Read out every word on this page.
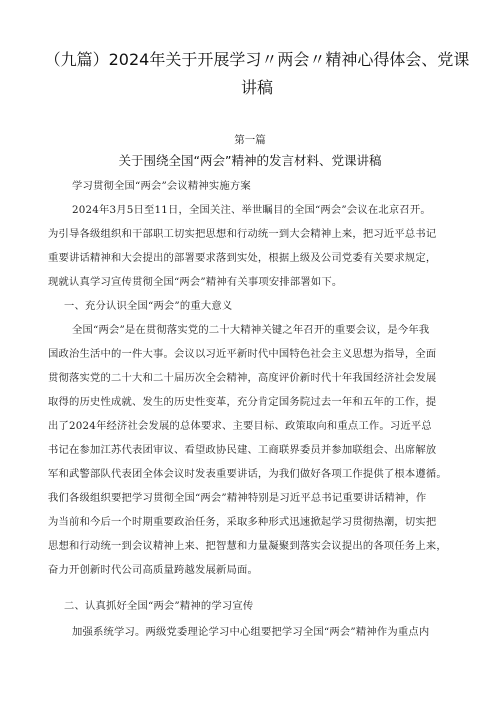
（九篇）2024年关于开展学习〃两会〃精神心得体会、党课讲稿
第一篇
关于围绕全国“两会”精神的发言材料、党课讲稿
学习贯彻全国“两会”会议精神实施方案
2024年3月5日至11日，全国关注、举世瞩目的全国“两会”会议在北京召开。
为引导各级组织和干部职工切实把思想和行动统一到大会精神上来，把习近平总书记
重要讲话精神和大会提出的部署要求落到实处，根据上级及公司党委有关要求规定，
现就认真学习宣传贯彻全国“两会”精神有关事项安排部署如下。
一、充分认识全国“两会”的重大意义
全国“两会”是在贯彻落实党的二十大精神关键之年召开的重要会议，是今年我
国政治生活中的一件大事。会议以习近平新时代中国特色社会主义思想为指导，全面
贯彻落实党的二十大和二十届历次全会精神，高度评价新时代十年我国经济社会发展
取得的历史性成就、发生的历史性变革，充分肯定国务院过去一年和五年的工作，提
出了2024年经济社会发展的总体要求、主要目标、政策取向和重点工作。习近平总
书记在参加江苏代表团审议、看望政协民建、工商联界委员并参加联组会、出席解放
军和武警部队代表团全体会议时发表重要讲话，为我们做好各项工作提供了根本遵循。
我们各级组织要把学习贯彻全国“两会”精神特别是习近平总书记重要讲话精神，作
为当前和今后一个时期重要政治任务，采取多种形式迅速掀起学习贯彻热潮，切实把
思想和行动统一到会议精神上来、把智慧和力量凝聚到落实会议提出的各项任务上来，
奋力开创新时代公司高质量跨越发展新局面。
二、认真抓好全国“两会”精神的学习宣传
加强系统学习。两级党委理论学习中心组要把学习全国“两会”精神作为重点内
